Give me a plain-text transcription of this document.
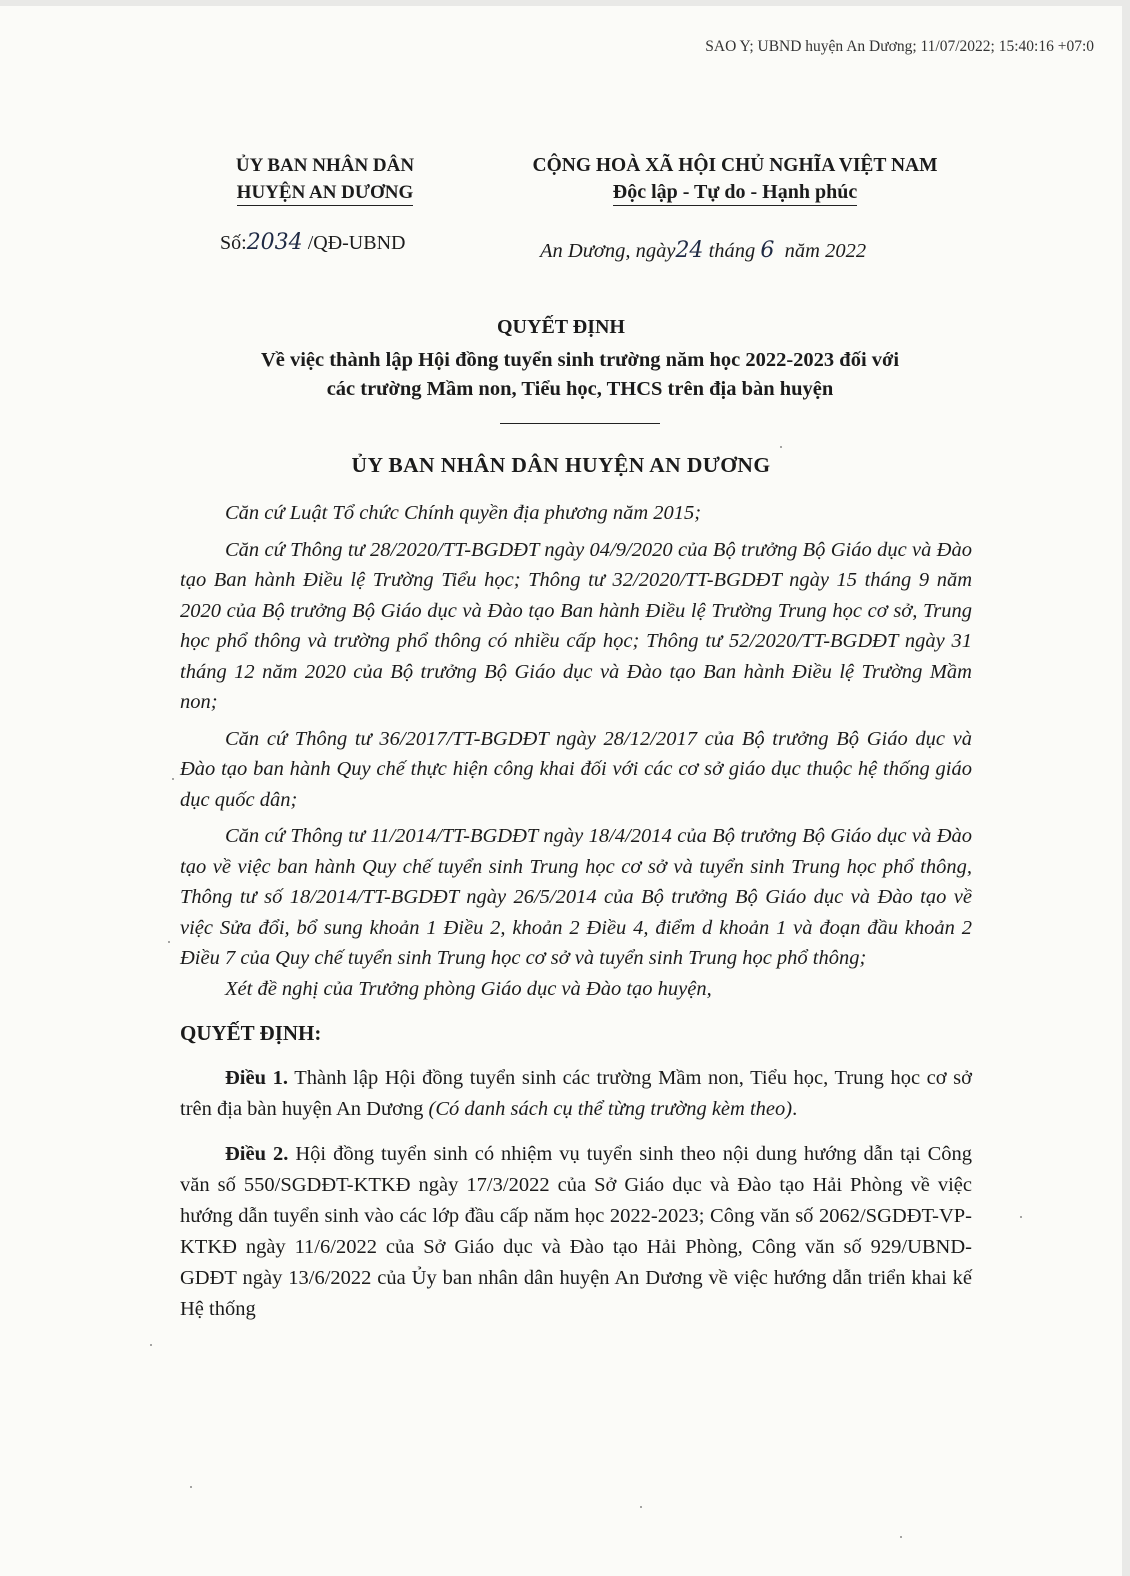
SAO Y; UBND huyện An Dương; 11/07/2022; 15:40:16 +07:0
ỦY BAN NHÂN DÂN
HUYỆN AN DƯƠNG
CỘNG HOÀ XÃ HỘI CHỦ NGHĨA VIỆT NAM
Độc lập - Tự do - Hạnh phúc
Số:2034 /QĐ-UBND	An Dương, ngày24 tháng 6 năm 2022
QUYẾT ĐỊNH
Về việc thành lập Hội đồng tuyển sinh trường năm học 2022-2023 đối với
các trường Mầm non, Tiểu học, THCS trên địa bàn huyện
ỦY BAN NHÂN DÂN HUYỆN AN DƯƠNG

Căn cứ Luật Tổ chức Chính quyền địa phương năm 2015;

Căn cứ Thông tư 28/2020/TT-BGDĐT ngày 04/9/2020 của Bộ trưởng Bộ Giáo dục và Đào tạo Ban hành Điều lệ Trường Tiểu học; Thông tư 32/2020/TT-BGDĐT ngày 15 tháng 9 năm 2020 của Bộ trưởng Bộ Giáo dục và Đào tạo Ban hành Điều lệ Trường Trung học cơ sở, Trung học phổ thông và trường phổ thông có nhiều cấp học; Thông tư 52/2020/TT-BGDĐT ngày 31 tháng 12 năm 2020 của Bộ trưởng Bộ Giáo dục và Đào tạo Ban hành Điều lệ Trường Mầm non;

Căn cứ Thông tư 36/2017/TT-BGDĐT ngày 28/12/2017 của Bộ trưởng Bộ Giáo dục và Đào tạo ban hành Quy chế thực hiện công khai đối với các cơ sở giáo dục thuộc hệ thống giáo dục quốc dân;

Căn cứ Thông tư 11/2014/TT-BGDĐT ngày 18/4/2014 của Bộ trưởng Bộ Giáo dục và Đào tạo về việc ban hành Quy chế tuyển sinh Trung học cơ sở và tuyển sinh Trung học phổ thông, Thông tư số 18/2014/TT-BGDĐT ngày 26/5/2014 của Bộ trưởng Bộ Giáo dục và Đào tạo về việc Sửa đổi, bổ sung khoản 1 Điều 2, khoản 2 Điều 4, điểm d khoản 1 và đoạn đầu khoản 2 Điều 7 của Quy chế tuyển sinh Trung học cơ sở và tuyển sinh Trung học phổ thông;

Xét đề nghị của Trưởng phòng Giáo dục và Đào tạo huyện,

QUYẾT ĐỊNH:

Điều 1. Thành lập Hội đồng tuyển sinh các trường Mầm non, Tiểu học, Trung học cơ sở trên địa bàn huyện An Dương (Có danh sách cụ thể từng trường kèm theo).

Điều 2. Hội đồng tuyển sinh có nhiệm vụ tuyển sinh theo nội dung hướng dẫn tại Công văn số 550/SGDĐT-KTKĐ ngày 17/3/2022 của Sở Giáo dục và Đào tạo Hải Phòng về việc hướng dẫn tuyển sinh vào các lớp đầu cấp năm học 2022-2023; Công văn số 2062/SGDĐT-VP-KTKĐ ngày 11/6/2022 của Sở Giáo dục và Đào tạo Hải Phòng, Công văn số 929/UBND-GDĐT ngày 13/6/2022 của Ủy ban nhân dân huyện An Dương về việc hướng dẫn triển khai kế Hệ thống
